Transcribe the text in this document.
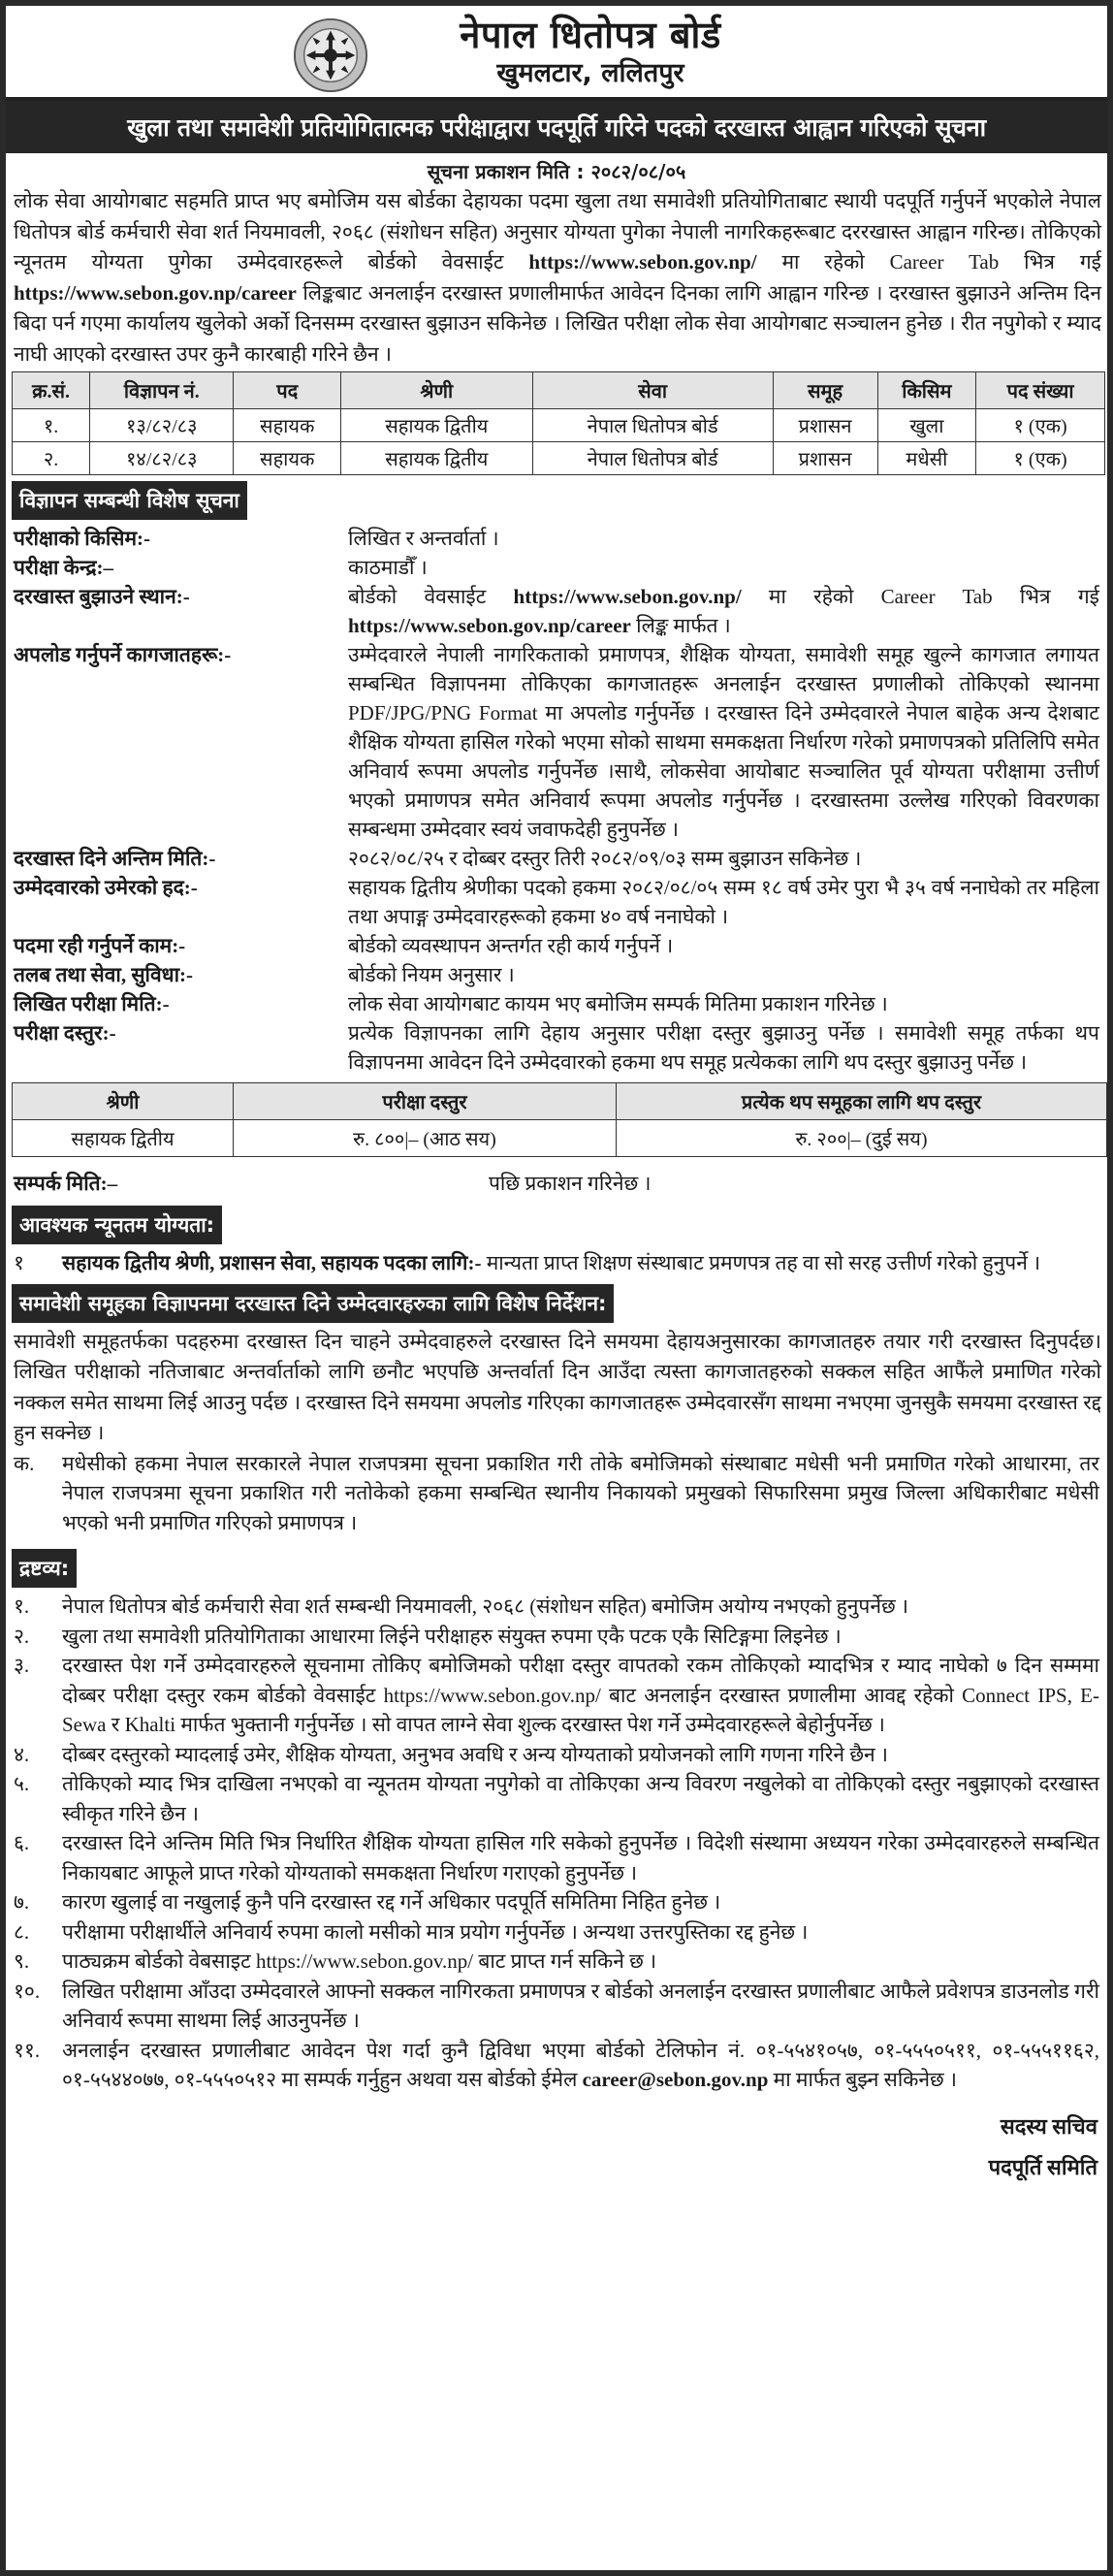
नेपाल धितोपत्र बोर्ड
खुमलटार, ललितपुर
खुला तथा समावेशी प्रतियोगितात्मक परीक्षाद्वारा पदपूर्ति गरिने पदको दरखास्त आह्वान गरिएको सूचना
सूचना प्रकाशन मिति : २०८२/०८/०५

लोक सेवा आयोगबाट सहमति प्राप्त भए बमोजिम यस बोर्डका देहायका पदमा खुला तथा समावेशी प्रतियोगिताबाट स्थायी पदपूर्ति गर्नुपर्ने भएकोले नेपाल धितोपत्र बोर्ड कर्मचारी सेवा शर्त नियमावली, २०६८ (संशोधन सहित) अनुसार योग्यता पुगेका नेपाली नागरिकहरूबाट दररखास्त आह्वान गरिन्छ। तोकिएको न्यूनतम योग्यता पुगेका उम्मेदवारहरूले बोर्डको वेवसाईट https://www.sebon.gov.np/ मा रहेको Career Tab भित्र गई https://www.sebon.gov.np/career लिङ्कबाट अनलाईन दरखास्त प्रणालीमार्फत आवेदन दिनका लागि आह्वान गरिन्छ । दरखास्त बुझाउने अन्तिम दिन बिदा पर्न गएमा कार्यालय खुलेको अर्को दिनसम्म दरखास्त बुझाउन सकिनेछ । लिखित परीक्षा लोक सेवा आयोगबाट सञ्चालन हुनेछ । रीत नपुगेको र म्याद नाघी आएको दरखास्त उपर कुनै कारबाही गरिने छैन ।

क्र.सं.	विज्ञापन नं.	पद	श्रेणी	सेवा	समूह	किसिम	पद संख्या
१.	१३/८२/८३	सहायक	सहायक द्वितीय	नेपाल धितोपत्र बोर्ड	प्रशासन	खुला	१ (एक)
२.	१४/८२/८३	सहायक	सहायक द्वितीय	नेपाल धितोपत्र बोर्ड	प्रशासन	मधेसी	१ (एक)
विज्ञापन सम्बन्धी विशेष सूचना
परीक्षाको किसिम:-	लिखित र अन्तर्वार्ता ।
परीक्षा केन्द्र:–	काठमाडौँ ।
दरखास्त बुझाउने स्थान:-	बोर्डको वेवसाईट https://www.sebon.gov.np/ मा रहेको Career Tab भित्र गई https://www.sebon.gov.np/career लिङ्क मार्फत ।
अपलोड गर्नुपर्ने कागजातहरू:-	उम्मेदवारले नेपाली नागरिकताको प्रमाणपत्र, शैक्षिक योग्यता, समावेशी समूह खुल्ने कागजात लगायत सम्बन्धित विज्ञापनमा तोकिएका कागजातहरू अनलाईन दरखास्त प्रणालीको तोकिएको स्थानमा PDF/JPG/PNG Format मा अपलोड गर्नुपर्नेछ । दरखास्त दिने उम्मेदवारले नेपाल बाहेक अन्य देशबाट शैक्षिक योग्यता हासिल गरेको भएमा सोको साथमा समकक्षता निर्धारण गरेको प्रमाणपत्रको प्रतिलिपि समेत अनिवार्य रूपमा अपलोड गर्नुपर्नेछ ।साथै, लोकसेवा आयोबाट सञ्चालित पूर्व योग्यता परीक्षामा उत्तीर्ण भएको प्रमाणपत्र समेत अनिवार्य रूपमा अपलोड गर्नुपर्नेछ । दरखास्तमा उल्लेख गरिएको विवरणका सम्बन्धमा उम्मेदवार स्वयं जवाफदेही हुनुपर्नेछ ।
दरखास्त दिने अन्तिम मिति:-	२०८२/०८/२५ र दोब्बर दस्तुर तिरी २०८२/०९/०३ सम्म बुझाउन सकिनेछ ।
उम्मेदवारको उमेरको हद:-	सहायक द्वितीय श्रेणीका पदको हकमा २०८२/०८/०५ सम्म १८ वर्ष उमेर पुरा भै ३५ वर्ष ननाघेको तर महिला तथा अपाङ्ग उम्मेदवारहरूको हकमा ४० वर्ष ननाघेको ।
पदमा रही गर्नुपर्ने काम:-	बोर्डको व्यवस्थापन अन्तर्गत रही कार्य गर्नुपर्ने ।
तलब तथा सेवा, सुविधा:-	बोर्डको नियम अनुसार ।
लिखित परीक्षा मिति:-	लोक सेवा आयोगबाट कायम भए बमोजिम सम्पर्क मितिमा प्रकाशन गरिनेछ ।
परीक्षा दस्तुर:-	प्रत्येक विज्ञापनका लागि देहाय अनुसार परीक्षा दस्तुर बुझाउनु पर्नेछ । समावेशी समूह तर्फका थप विज्ञापनमा आवेदन दिने उम्मेदवारको हकमा थप समूह प्रत्येकका लागि थप दस्तुर बुझाउनु पर्नेछ ।
श्रेणी	परीक्षा दस्तुर	प्रत्येक थप समूहका लागि थप दस्तुर
सहायक द्वितीय	रु. ८००|– (आठ सय)	रु. २००|– (दुई सय)
सम्पर्क मिति:–	पछि प्रकाशन गरिनेछ ।
आवश्यक न्यूनतम योग्यता:
१	सहायक द्वितीय श्रेणी, प्रशासन सेवा, सहायक पदका लागि:- मान्यता प्राप्त शिक्षण संस्थाबाट प्रमणपत्र तह वा सो सरह उत्तीर्ण गरेको हुनुपर्ने ।
समावेशी समूहका विज्ञापनमा दरखास्त दिने उम्मेदवारहरुका लागि विशेष निर्देशन:

समावेशी समूहतर्फका पदहरुमा दरखास्त दिन चाहने उम्मेदवाहरुले दरखास्त दिने समयमा देहायअनुसारका कागजातहरु तयार गरी दरखास्त दिनुपर्दछ। लिखित परीक्षाको नतिजाबाट अन्तर्वार्ताको लागि छनौट भएपछि अन्तर्वार्ता दिन आउँदा त्यस्ता कागजातहरुको सक्कल सहित आफैंले प्रमाणित गरेको नक्कल समेत साथमा लिई आउनु पर्दछ । दरखास्त दिने समयमा अपलोड गरिएका कागजातहरू उम्मेदवारसँग साथमा नभएमा जुनसुकै समयमा दरखास्त रद्द हुन सक्नेछ ।

क.	मधेसीको हकमा नेपाल सरकारले नेपाल राजपत्रमा सूचना प्रकाशित गरी तोके बमोजिमको संस्थाबाट मधेसी भनी प्रमाणित गरेको आधारमा, तर नेपाल राजपत्रमा सूचना प्रकाशित गरी नतोकेको हकमा सम्बन्धित स्थानीय निकायको प्रमुखको सिफारिसमा प्रमुख जिल्ला अधिकारीबाट मधेसी भएको भनी प्रमाणित गरिएको प्रमाणपत्र ।
द्रष्टव्य:
१.	नेपाल धितोपत्र बोर्ड कर्मचारी सेवा शर्त सम्बन्धी नियमावली, २०६८ (संशोधन सहित) बमोजिम अयोग्य नभएको हुनुपर्नेछ ।
२.	खुला तथा समावेशी प्रतियोगिताका आधारमा लिईने परीक्षाहरु संयुक्त रुपमा एकै पटक एकै सिटिङ्गमा लिइनेछ ।
३.	दरखास्त पेश गर्ने उम्मेदवारहरुले सूचनामा तोकिए बमोजिमको परीक्षा दस्तुर वापतको रकम तोकिएको म्यादभित्र र म्याद नाघेको ७ दिन सम्ममा दोब्बर परीक्षा दस्तुर रकम बोर्डको वेवसाईट https://www.sebon.gov.np/ बाट अनलाईन दरखास्त प्रणालीमा आवद्द रहेको Connect IPS, E-Sewa र Khalti मार्फत भुक्तानी गर्नुपर्नेछ । सो वापत लाग्ने सेवा शुल्क दरखास्त पेश गर्ने उम्मेदवारहरूले बेहोर्नुपर्नेछ ।
४.	दोब्बर दस्तुरको म्यादलाई उमेर, शैक्षिक योग्यता, अनुभव अवधि र अन्य योग्यताको प्रयोजनको लागि गणना गरिने छैन ।
५.	तोकिएको म्याद भित्र दाखिला नभएको वा न्यूनतम योग्यता नपुगेको वा तोकिएका अन्य विवरण नखुलेको वा तोकिएको दस्तुर नबुझाएको दरखास्त स्वीकृत गरिने छैन ।
६.	दरखास्त दिने अन्तिम मिति भित्र निर्धारित शैक्षिक योग्यता हासिल गरि सकेको हुनुपर्नेछ । विदेशी संस्थामा अध्ययन गरेका उम्मेदवारहरुले सम्बन्धित निकायबाट आफूले प्राप्त गरेको योग्यताको समकक्षता निर्धारण गराएको हुनुपर्नेछ ।
७.	कारण खुलाई वा नखुलाई कुनै पनि दरखास्त रद्द गर्ने अधिकार पदपूर्ति समितिमा निहित हुनेछ ।
८.	परीक्षामा परीक्षार्थीले अनिवार्य रुपमा कालो मसीको मात्र प्रयोग गर्नुपर्नेछ । अन्यथा उत्तरपुस्तिका रद्द हुनेछ ।
९.	पाठ्यक्रम बोर्डको वेबसाइट https://www.sebon.gov.np/ बाट प्राप्त गर्न सकिने छ ।
१०.	लिखित परीक्षामा आँउदा उम्मेदवारले आफ्नो सक्कल नागिरकता प्रमाणपत्र र बोर्डको अनलाईन दरखास्त प्रणालीबाट आफैले प्रवेशपत्र डाउनलोड गरी अनिवार्य रूपमा साथमा लिई आउनुपर्नेछ ।
११.	अनलाईन दरखास्त प्रणालीबाट आवेदन पेश गर्दा कुनै द्विविधा भएमा बोर्डको टेलिफोन नं. ०१-५५४१०५७, ०१-५५५०५११, ०१-५५५११६२, ०१-५५४४०७७, ०१-५५५०५१२ मा सम्पर्क गर्नुहुन अथवा यस बोर्डको ईमेल career@sebon.gov.np मा मार्फत बुझ्न सकिनेछ ।
सदस्य सचिव
पदपूर्ति समिति
